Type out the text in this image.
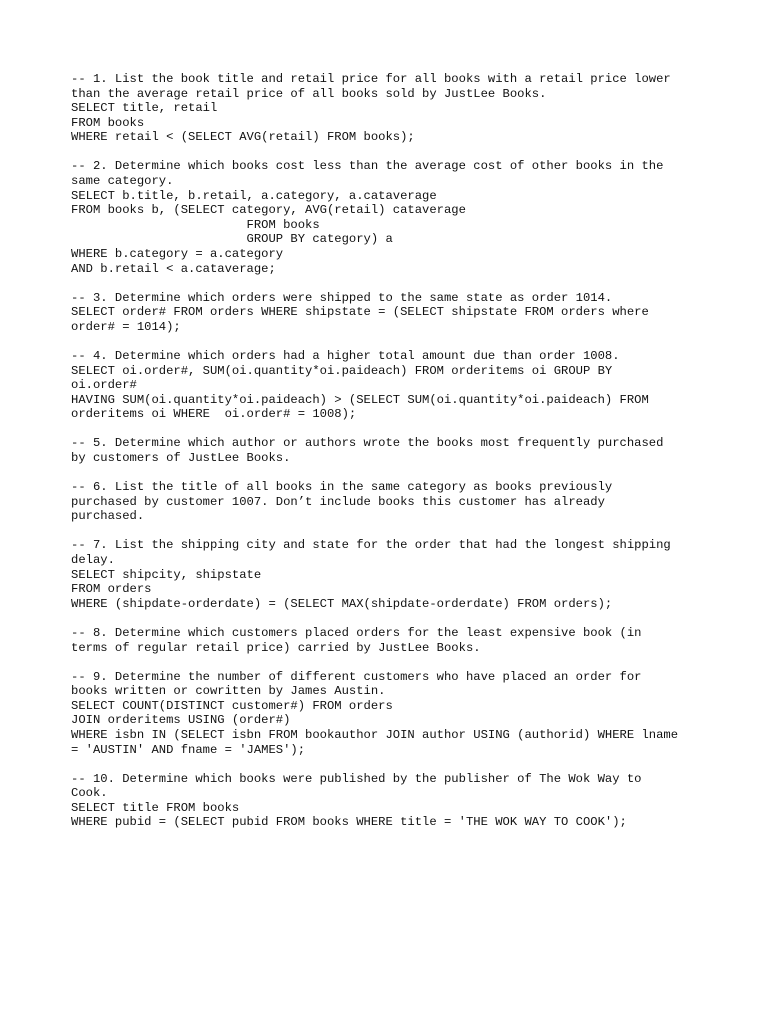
-- 1. List the book title and retail price for all books with a retail price lower
than the average retail price of all books sold by JustLee Books.
SELECT title, retail
FROM books
WHERE retail < (SELECT AVG(retail) FROM books);
-- 2. Determine which books cost less than the average cost of other books in the
same category.
SELECT b.title, b.retail, a.category, a.cataverage
FROM books b, (SELECT category, AVG(retail) cataverage
FROM books
GROUP BY category) a
WHERE b.category = a.category
AND b.retail < a.cataverage;
-- 3. Determine which orders were shipped to the same state as order 1014.
SELECT order# FROM orders WHERE shipstate = (SELECT shipstate FROM orders where
order# = 1014);
-- 4. Determine which orders had a higher total amount due than order 1008.
SELECT oi.order#, SUM(oi.quantity*oi.paideach) FROM orderitems oi GROUP BY
oi.order#
HAVING SUM(oi.quantity*oi.paideach) > (SELECT SUM(oi.quantity*oi.paideach) FROM
orderitems oi WHERE  oi.order# = 1008);
-- 5. Determine which author or authors wrote the books most frequently purchased
by customers of JustLee Books.
-- 6. List the title of all books in the same category as books previously
purchased by customer 1007. Don’t include books this customer has already
purchased.
-- 7. List the shipping city and state for the order that had the longest shipping
delay.
SELECT shipcity, shipstate
FROM orders
WHERE (shipdate-orderdate) = (SELECT MAX(shipdate-orderdate) FROM orders);
-- 8. Determine which customers placed orders for the least expensive book (in
terms of regular retail price) carried by JustLee Books.
-- 9. Determine the number of different customers who have placed an order for
books written or cowritten by James Austin.
SELECT COUNT(DISTINCT customer#) FROM orders
JOIN orderitems USING (order#)
WHERE isbn IN (SELECT isbn FROM bookauthor JOIN author USING (authorid) WHERE lname
= 'AUSTIN' AND fname = 'JAMES');
-- 10. Determine which books were published by the publisher of The Wok Way to
Cook.
SELECT title FROM books
WHERE pubid = (SELECT pubid FROM books WHERE title = 'THE WOK WAY TO COOK');
